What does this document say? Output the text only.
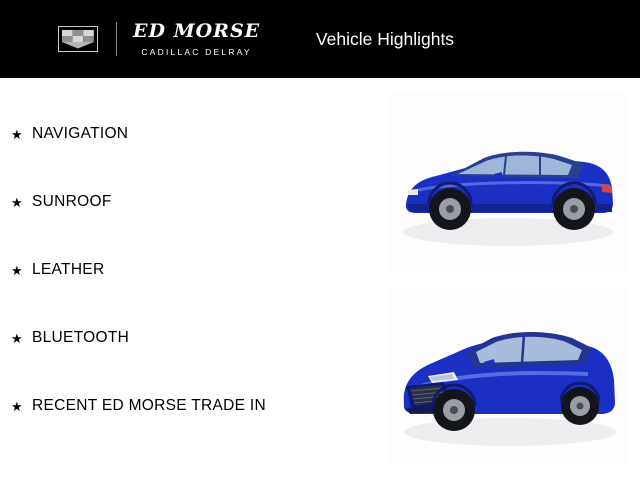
ED MORSE
CADILLAC DELRAY
Vehicle Highlights
★ NAVIGATION
★ SUNROOF
★ LEATHER
★ BLUETOOTH
★ RECENT ED MORSE TRADE IN
